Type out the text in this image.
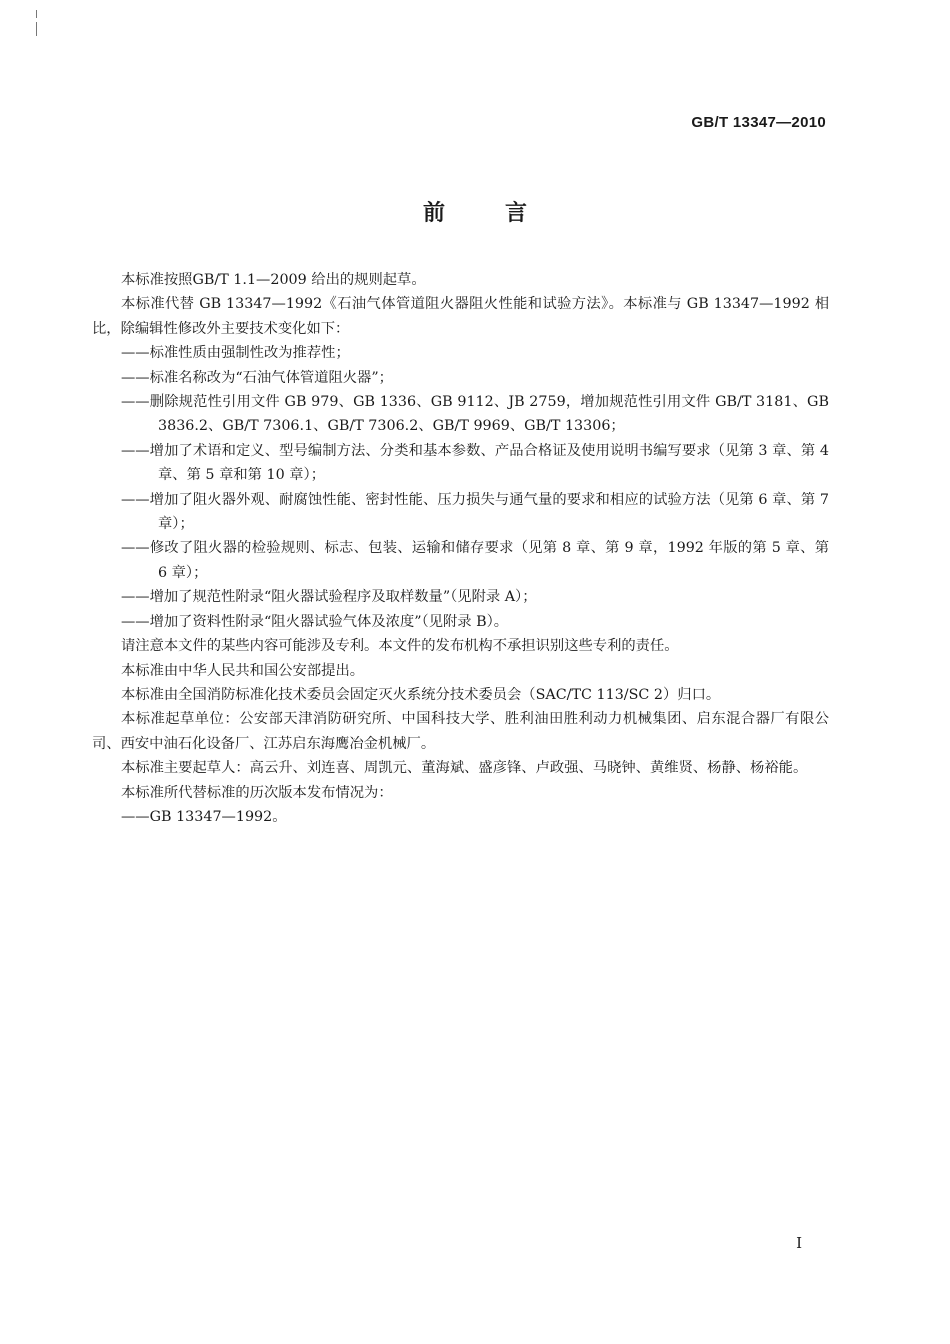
GB/T 13347—2010
前言

本标准按照GB/T 1.1—2009 给出的规则起草。

本标准代替 GB 13347—1992《石油气体管道阻火器阻火性能和试验方法》。本标准与 GB 13347—1992 相比，除编辑性修改外主要技术变化如下：

——标准性质由强制性改为推荐性；

——标准名称改为“石油气体管道阻火器”；

——删除规范性引用文件 GB 979、GB 1336、GB 9112、JB 2759，增加规范性引用文件 GB/T 3181、GB 3836.2、GB/T 7306.1、GB/T 7306.2、GB/T 9969、GB/T 13306；

——增加了术语和定义、型号编制方法、分类和基本参数、产品合格证及使用说明书编写要求（见第 3 章、第 4 章、第 5 章和第 10 章）；

——增加了阻火器外观、耐腐蚀性能、密封性能、压力损失与通气量的要求和相应的试验方法（见第 6 章、第 7 章）；

——修改了阻火器的检验规则、标志、包装、运输和储存要求（见第 8 章、第 9 章，1992 年版的第 5 章、第 6 章）；

——增加了规范性附录“阻火器试验程序及取样数量”（见附录 A）；

——增加了资料性附录“阻火器试验气体及浓度”（见附录 B）。

请注意本文件的某些内容可能涉及专利。本文件的发布机构不承担识别这些专利的责任。

本标准由中华人民共和国公安部提出。

本标准由全国消防标准化技术委员会固定灭火系统分技术委员会（SAC/TC 113/SC 2）归口。

本标准起草单位：公安部天津消防研究所、中国科技大学、胜利油田胜利动力机械集团、启东混合器厂有限公司、西安中油石化设备厂、江苏启东海鹰冶金机械厂。

本标准主要起草人：高云升、刘连喜、周凯元、董海斌、盛彦锋、卢政强、马晓钟、黄维贤、杨静、杨裕能。

本标准所代替标准的历次版本发布情况为：

——GB 13347—1992。

I
